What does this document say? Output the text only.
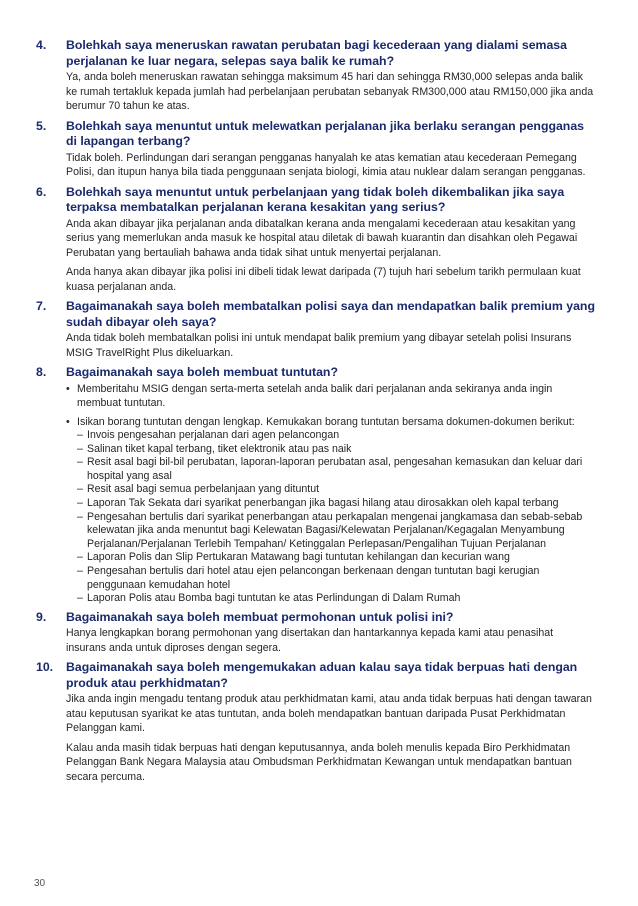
4.	Bolehkah saya meneruskan rawatan perubatan bagi kecederaan yang dialami semasa perjalanan ke luar negara, selepas saya balik ke rumah?

Ya, anda boleh meneruskan rawatan sehingga maksimum 45 hari dan sehingga RM30,000 selepas anda balik ke rumah tertakluk kepada jumlah had perbelanjaan perubatan sebanyak RM300,000 atau RM150,000 jika anda berumur 70 tahun ke atas.

5.	Bolehkah saya menuntut untuk melewatkan perjalanan jika berlaku serangan pengganas di lapangan terbang?

Tidak boleh. Perlindungan dari serangan pengganas hanyalah ke atas kematian atau kecederaan Pemegang Polisi, dan itupun hanya bila tiada penggunaan senjata biologi, kimia atau nuklear dalam serangan pengganas.

6.	Bolehkah saya menuntut untuk perbelanjaan yang tidak boleh dikembalikan jika saya terpaksa membatalkan perjalanan kerana kesakitan yang serius?

Anda akan dibayar jika perjalanan anda dibatalkan kerana anda mengalami kecederaan atau kesakitan yang serius yang memerlukan anda masuk ke hospital atau diletak di bawah kuarantin dan disahkan oleh Pegawai Perubatan yang bertauliah bahawa anda tidak sihat untuk menyertai perjalanan.

Anda hanya akan dibayar jika polisi ini dibeli tidak lewat daripada (7) tujuh hari sebelum tarikh permulaan kuat kuasa perjalanan anda.

7.	Bagaimanakah saya boleh membatalkan polisi saya dan mendapatkan balik premium yang sudah dibayar oleh saya?

Anda tidak boleh membatalkan polisi ini untuk mendapat balik premium yang dibayar setelah polisi Insurans MSIG TravelRight Plus dikeluarkan.

8.	Bagaimanakah saya boleh membuat tuntutan?
• Memberitahu MSIG dengan serta-merta setelah anda balik dari perjalanan anda sekiranya anda ingin membuat tuntutan.
• Isikan borang tuntutan dengan lengkap. Kemukakan borang tuntutan bersama dokumen-dokumen berikut:
– Invois pengesahan perjalanan dari agen pelancongan
– Salinan tiket kapal terbang, tiket elektronik atau pas naik
– Resit asal bagi bil-bil perubatan, laporan-laporan perubatan asal, pengesahan kemasukan dan keluar dari hospital yang asal
– Resit asal bagi semua perbelanjaan yang dituntut
– Laporan Tak Sekata dari syarikat penerbangan jika bagasi hilang atau dirosakkan oleh kapal terbang
– Pengesahan bertulis dari syarikat penerbangan atau perkapalan mengenai jangkamasa dan sebab-sebab kelewatan jika anda menuntut bagi Kelewatan Bagasi/Kelewatan Perjalanan/Kegagalan Menyambung Perjalanan/Perjalanan Terlebih Tempahan/ Ketinggalan Perlepasan/Pengalihan Tujuan Perjalanan
– Laporan Polis dan Slip Pertukaran Matawang bagi tuntutan kehilangan dan kecurian wang
– Pengesahan bertulis dari hotel atau ejen pelancongan berkenaan dengan tuntutan bagi kerugian penggunaan kemudahan hotel
– Laporan Polis atau Bomba bagi tuntutan ke atas Perlindungan di Dalam Rumah
9.	Bagaimanakah saya boleh membuat permohonan untuk polisi ini?

Hanya lengkapkan borang permohonan yang disertakan dan hantarkannya kepada kami atau penasihat insurans anda untuk diproses dengan segera.

10.	Bagaimanakah saya boleh mengemukakan aduan kalau saya tidak berpuas hati dengan produk atau perkhidmatan?

Jika anda ingin mengadu tentang produk atau perkhidmatan kami, atau anda tidak berpuas hati dengan tawaran atau keputusan syarikat ke atas tuntutan, anda boleh mendapatkan bantuan daripada Pusat Perkhidmatan Pelanggan kami.

Kalau anda masih tidak berpuas hati dengan keputusannya, anda boleh menulis kepada Biro Perkhidmatan Pelanggan Bank Negara Malaysia atau Ombudsman Perkhidmatan Kewangan untuk mendapatkan bantuan secara percuma.

30
